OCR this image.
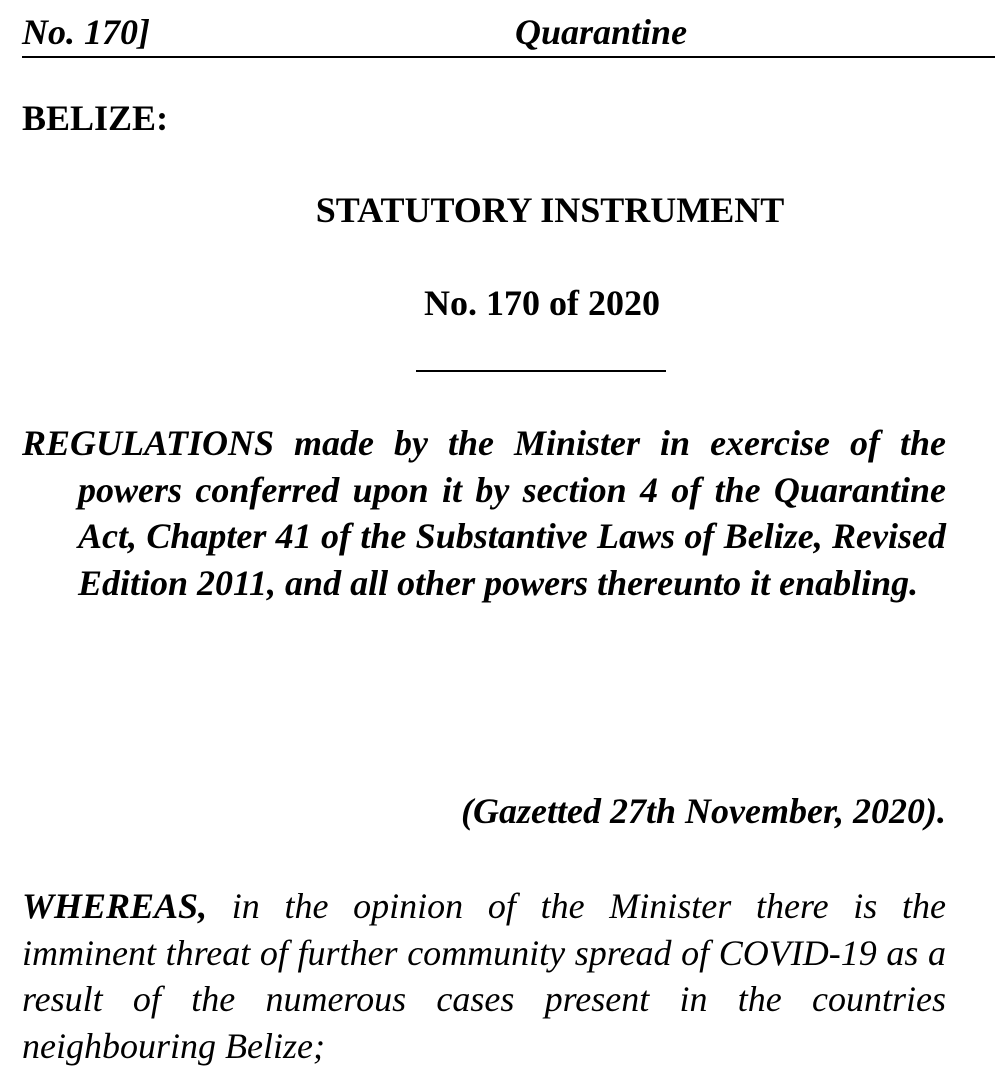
No. 170]	Quarantine
BELIZE:
STATUTORY INSTRUMENT
No. 170 of 2020
REGULATIONS made by the Minister in exercise of the powers conferred upon it by section 4 of the Quarantine Act, Chapter 41 of the Substantive Laws of Belize, Revised Edition 2011, and all other powers thereunto it enabling.
(Gazetted 27th November, 2020).
WHEREAS, in the opinion of the Minister there is the imminent threat of further community spread of COVID-19 as a result of the numerous cases present in the countries neighbouring Belize;
